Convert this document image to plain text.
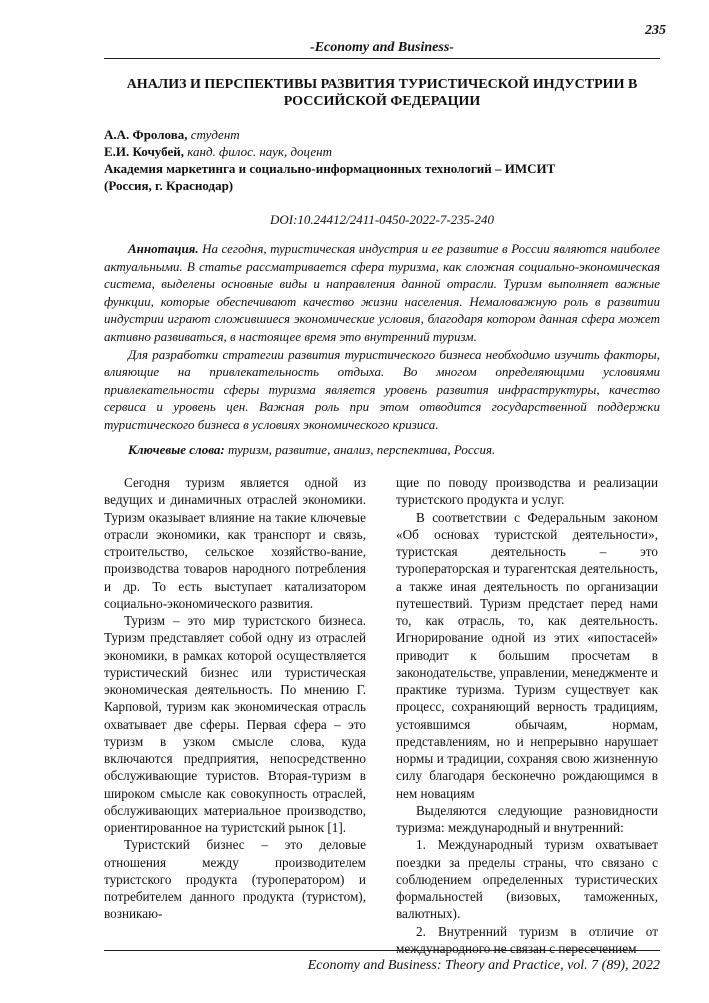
235
-Economy and Business-
АНАЛИЗ И ПЕРСПЕКТИВЫ РАЗВИТИЯ ТУРИСТИЧЕСКОЙ ИНДУСТРИИ В РОССИЙСКОЙ ФЕДЕРАЦИИ
А.А. Фролова, студент
Е.И. Кочубей, канд. филос. наук, доцент
Академия маркетинга и социально-информационных технологий – ИМСИТ
(Россия, г. Краснодар)
DOI:10.24412/2411-0450-2022-7-235-240

Аннотация. На сегодня, туристическая индустрия и ее развитие в России являются наиболее актуальными. В статье рассматривается сфера туризма, как сложная социально-экономическая система, выделены основные виды и направления данной отрасли. Туризм выполняет важные функции, которые обеспечивают качество жизни населения. Немаловажную роль в развитии индустрии играют сложившиеся экономические условия, благодаря котором данная сфера может активно развиваться, в настоящее время это внутренний туризм.

Для разработки стратегии развития туристического бизнеса необходимо изучить факторы, влияющие на привлекательность отдыха. Во многом определяющими условиями привлекательности сферы туризма является уровень развития инфраструктуры, качество сервиса и уровень цен. Важная роль при этом отводится государственной поддержки туристического бизнеса в условиях экономического кризиса.

Ключевые слова: туризм, развитие, анализ, перспектива, Россия.

Сегодня туризм является одной из ведущих и динамичных отраслей экономики. Туризм оказывает влияние на такие ключевые отрасли экономики, как транспорт и связь, строительство, сельское хозяйство-вание, производства товаров народного потребления и др. То есть выступает катализатором социально-экономического развития.

Туризм – это мир туристского бизнеса. Туризм представляет собой одну из отраслей экономики, в рамках которой осуществляется туристический бизнес или туристическая экономическая деятельность. По мнению Г. Карповой, туризм как экономическая отрасль охватывает две сферы. Первая сфера – это туризм в узком смысле слова, куда включаются предприятия, непосредственно обслуживающие туристов. Вторая-туризм в широком смысле как совокупность отраслей, обслуживающих материальное производство, ориентированное на туристский рынок [1].

Туристский бизнес – это деловые отношения между производителем туристского продукта (туроператором) и потребителем данного продукта (туристом), возникаю-

щие по поводу производства и реализации туристского продукта и услуг.

В соответствии с Федеральным законом «Об основах туристской деятельности», туристская деятельность – это туроператорская и турагентская деятельность, а также иная деятельность по организации путешествий. Туризм предстает перед нами то, как отрасль, то, как деятельность. Игнорирование одной из этих «ипостасей» приводит к большим просчетам в законодательстве, управлении, менеджменте и практике туризма. Туризм существует как процесс, сохраняющий верность традициям, устоявшимся обычаям, нормам, представлениям, но и непрерывно нарушает нормы и традиции, сохраняя свою жизненную силу благодаря бесконечно рождающимся в нем новациям

Выделяются следующие разновидности туризма: международный и внутренний:

1. Международный туризм охватывает поездки за пределы страны, что связано с соблюдением определенных туристических формальностей (визовых, таможенных, валютных).

2. Внутренний туризм в отличие от международного не связан с пересечением

Economy and Business: Theory and Practice, vol. 7 (89), 2022
